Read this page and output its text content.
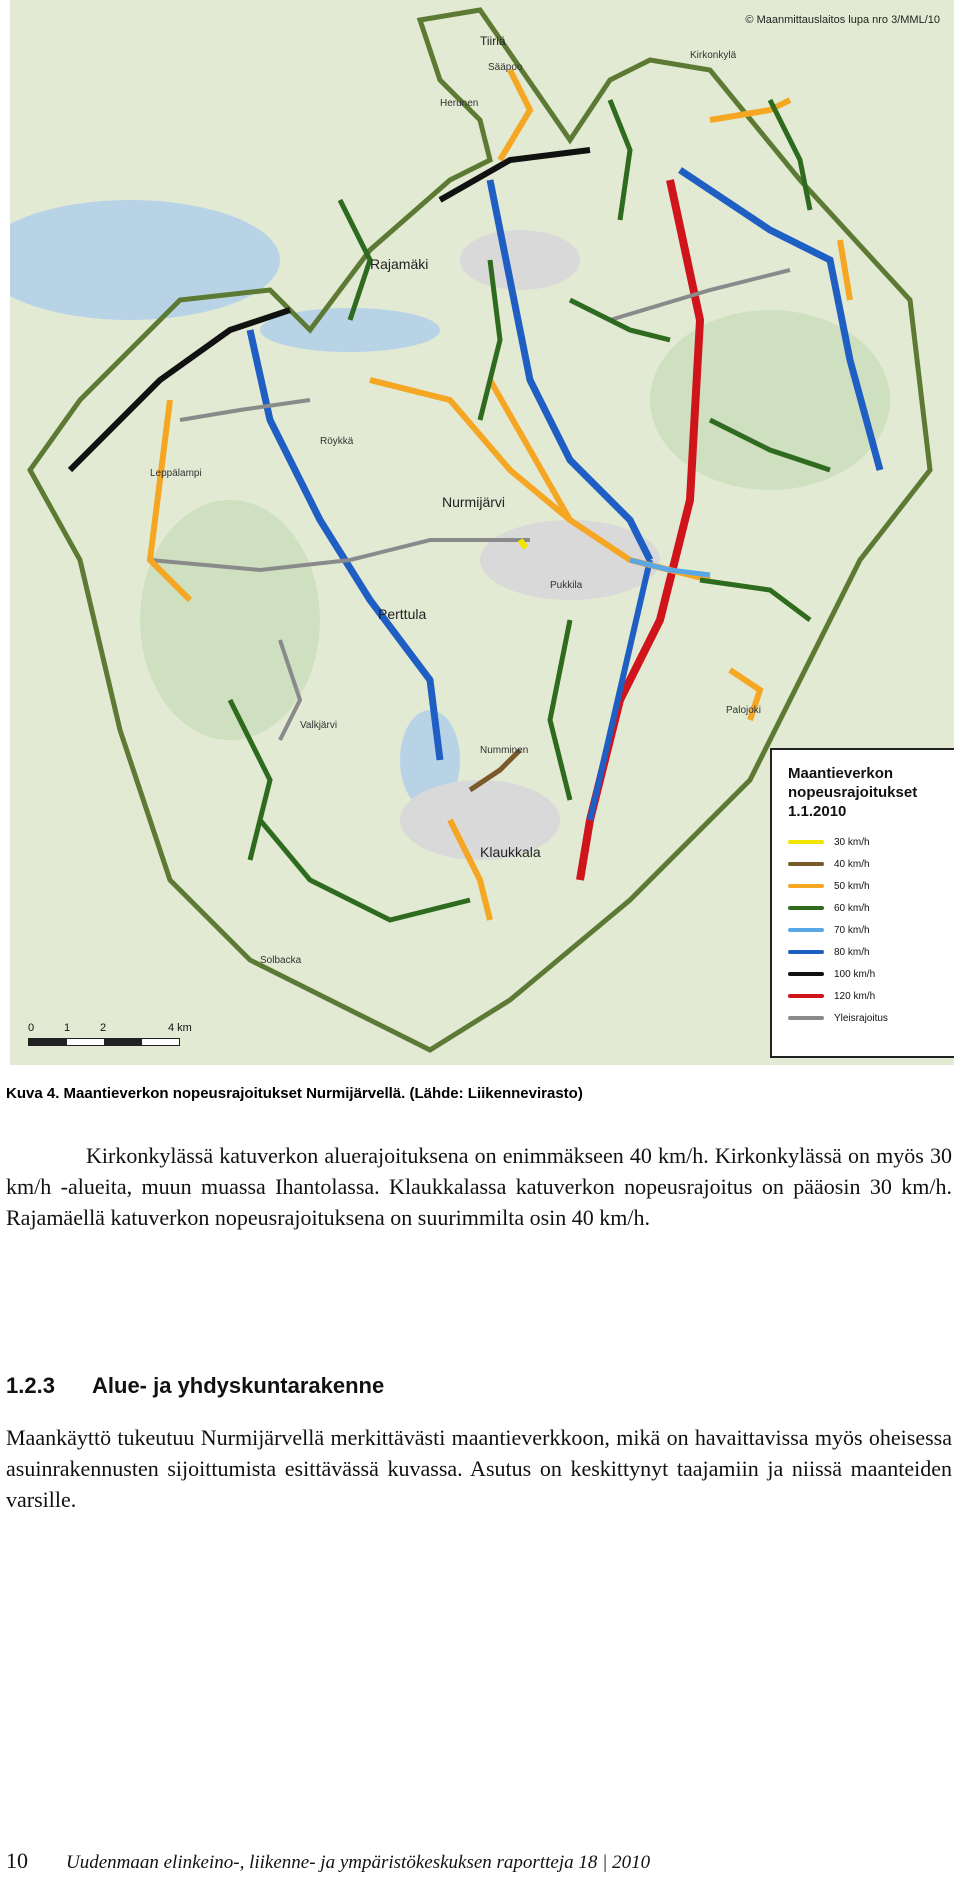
© Maanmittauslaitos lupa nro 3/MML/10
Tiiriä
Sääpoo
Herunen
Rajamäki
Röykkä
Nurmijärvi
Pukkila
Perttula
Numminen
Klaukkala
Valkjärvi
Kirkonkylä
Palojoki
Leppälampi
Solbacka
0	1	2	4 km
Maantieverkon nopeusrajoitukset 1.1.2010
30 km/h
40 km/h
50 km/h
60 km/h
70 km/h
80 km/h
100 km/h
120 km/h
Yleisrajoitus
Kuva 4. Maantieverkon nopeusrajoitukset Nurmijärvellä. (Lähde: Liikennevirasto)

Kirkonkylässä katuverkon aluerajoituksena on enimmäkseen 40 km/h. Kirkonkylässä on myös 30 km/h -alueita, muun muassa Ihantolassa. Klaukkalassa katuverkon nopeusrajoitus on pääosin 30 km/h. Rajamäellä katuverkon nopeusrajoituksena on suurimmilta osin 40 km/h.

1.2.3 Alue- ja yhdyskuntarakenne

Maankäyttö tukeutuu Nurmijärvellä merkittävästi maantieverkkoon, mikä on havaittavissa myös oheisessa asuinrakennusten sijoittumista esittävässä kuvassa. Asutus on keskittynyt taajamiin ja niissä maanteiden varsille.

10	Uudenmaan elinkeino-, liikenne- ja ympäristökeskuksen raportteja 18 | 2010
